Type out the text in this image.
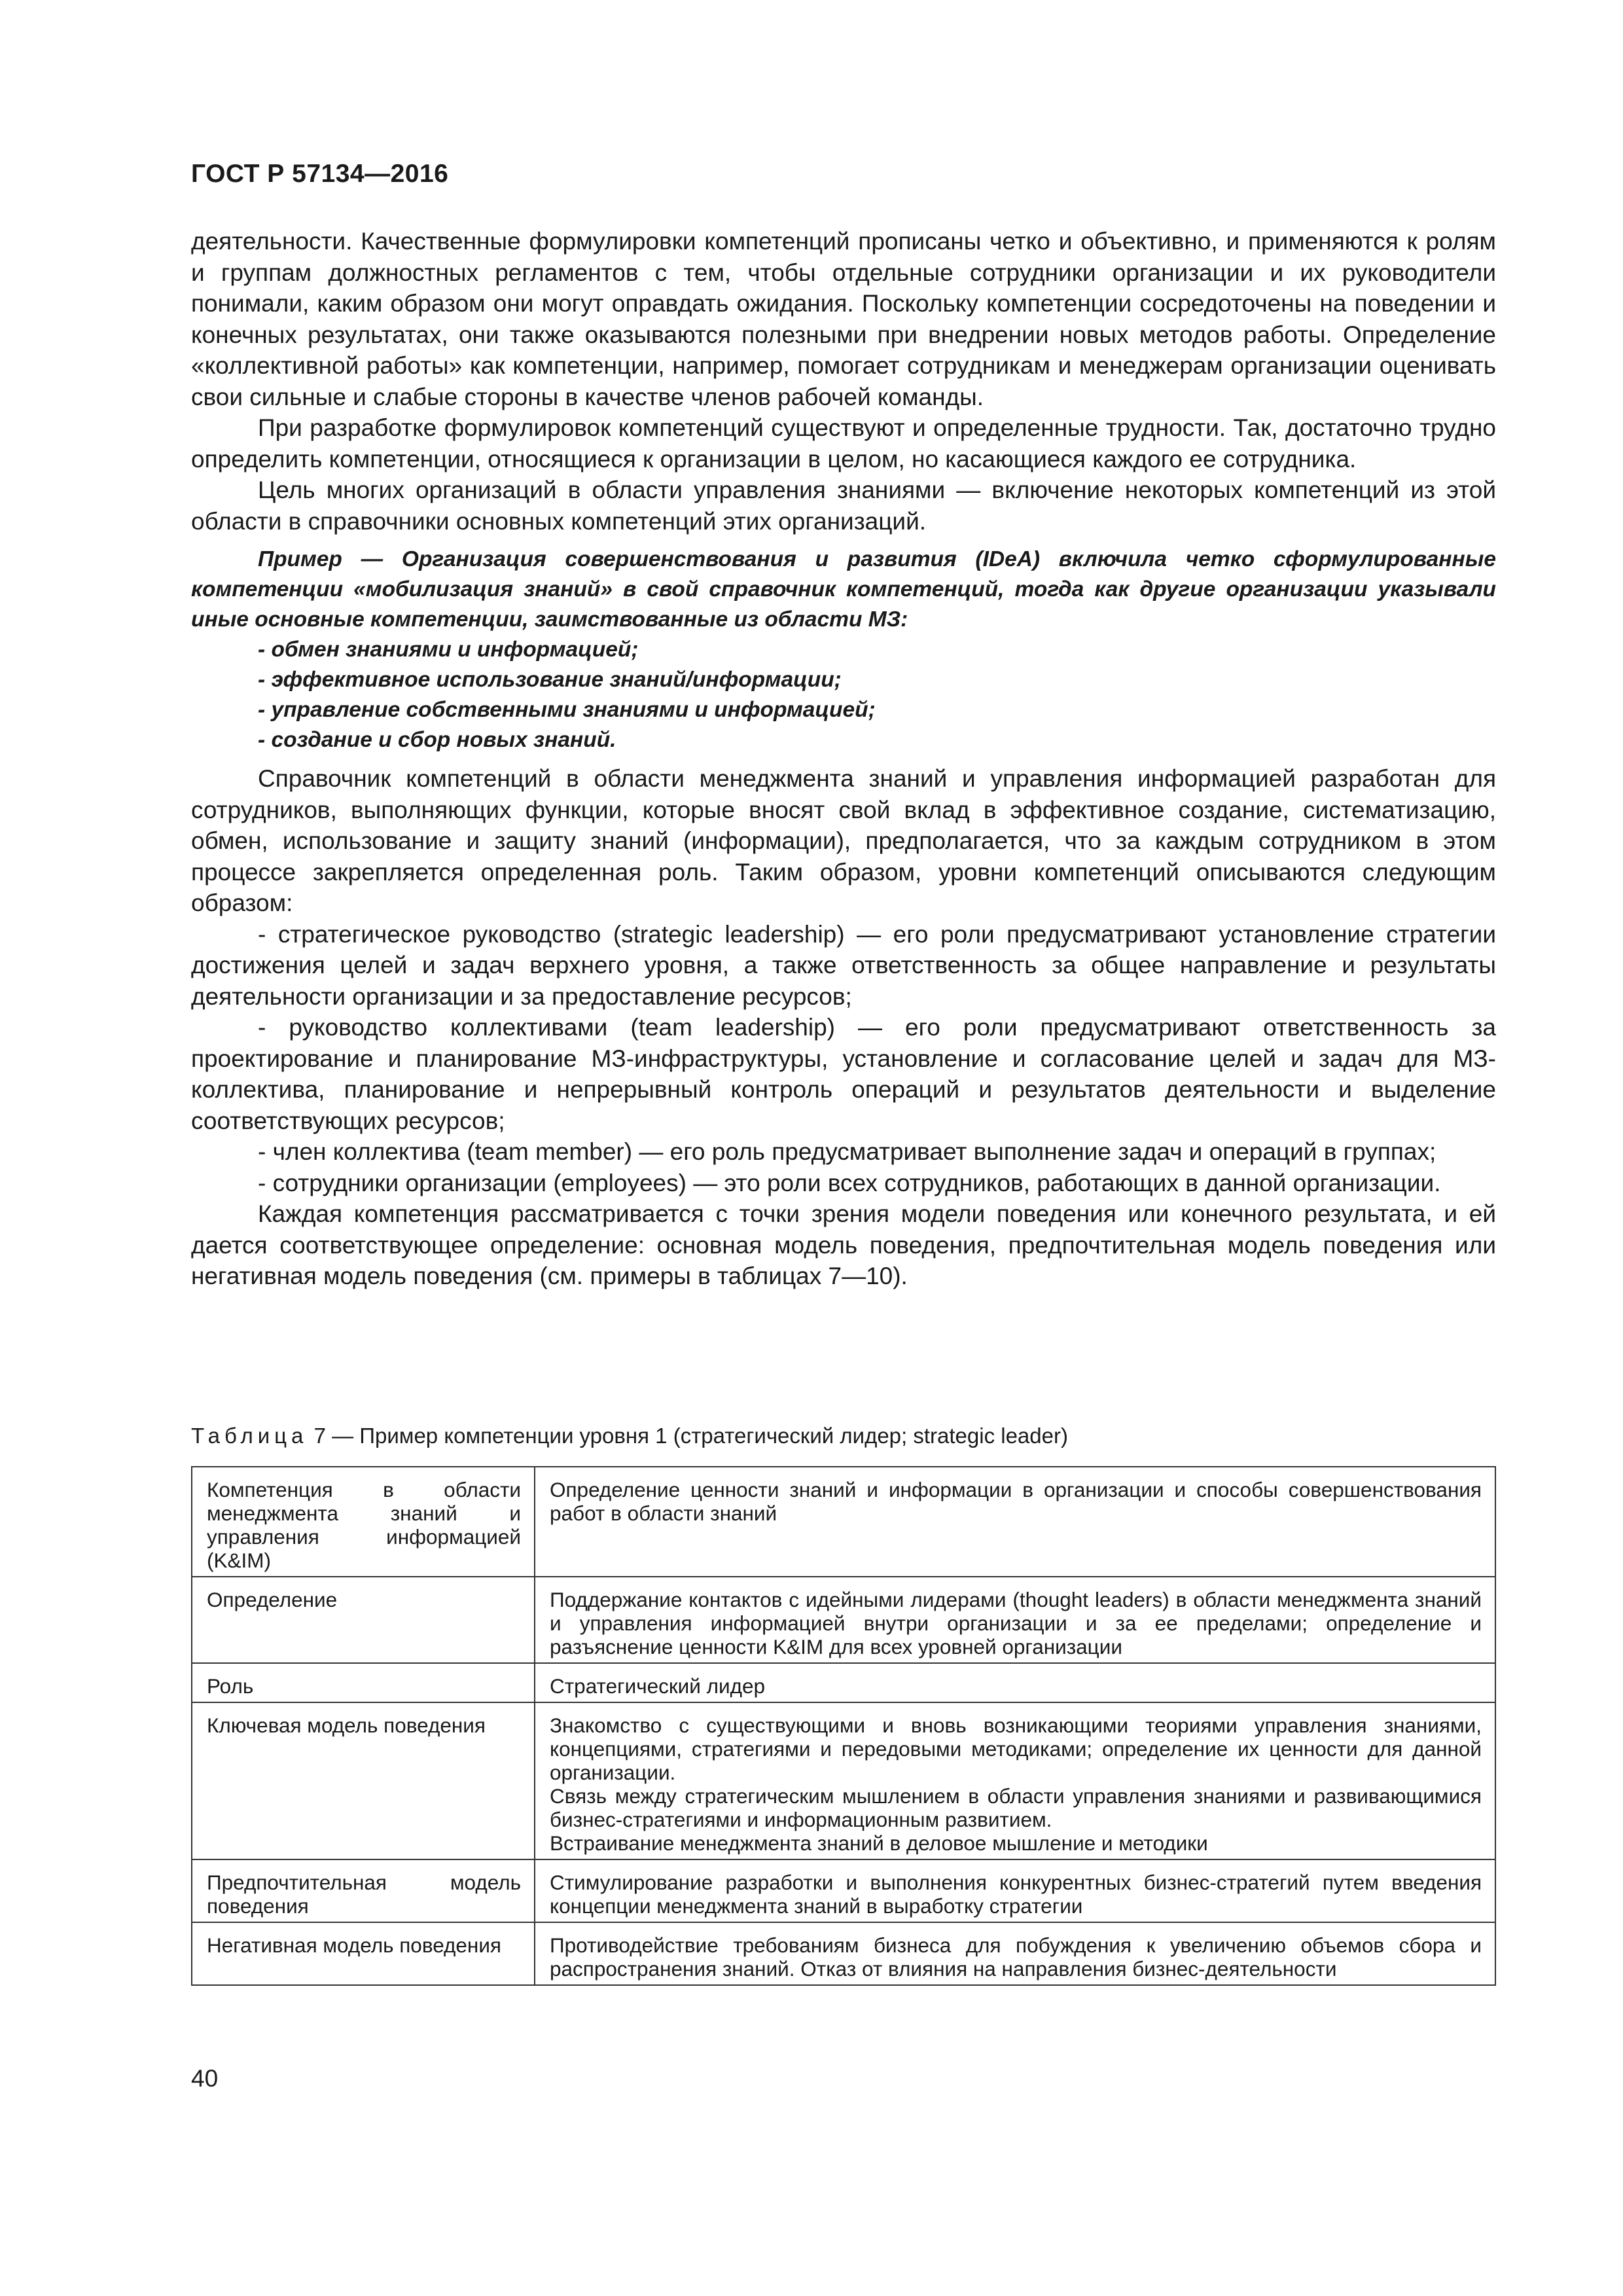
ГОСТ Р 57134—2016

деятельности. Качественные формулировки компетенций прописаны четко и объективно, и применяются к ролям и группам должностных регламентов с тем, чтобы отдельные сотрудники организации и их руководители понимали, каким образом они могут оправдать ожидания. Поскольку компетенции сосредоточены на поведении и конечных результатах, они также оказываются полезными при внедрении новых методов работы. Определение «коллективной работы» как компетенции, например, помогает сотрудникам и менеджерам организации оценивать свои сильные и слабые стороны в качестве членов рабочей команды.

При разработке формулировок компетенций существуют и определенные трудности. Так, достаточно трудно определить компетенции, относящиеся к организации в целом, но касающиеся каждого ее сотрудника.

Цель многих организаций в области управления знаниями — включение некоторых компетенций из этой области в справочники основных компетенций этих организаций.

Пример — Организация совершенствования и развития (IDeA) включила четко сформулированные компетенции «мобилизация знаний» в свой справочник компетенций, тогда как другие организации указывали иные основные компетенции, заимствованные из области МЗ:

- обмен знаниями и информацией;
- эффективное использование знаний/информации;
- управление собственными знаниями и информацией;
- создание и сбор новых знаний.

Справочник компетенций в области менеджмента знаний и управления информацией разработан для сотрудников, выполняющих функции, которые вносят свой вклад в эффективное создание, систематизацию, обмен, использование и защиту знаний (информации), предполагается, что за каждым сотрудником в этом процессе закрепляется определенная роль. Таким образом, уровни компетенций описываются следующим образом:

- стратегическое руководство (strategic leadership) — его роли предусматривают установление стратегии достижения целей и задач верхнего уровня, а также ответственность за общее направление и результаты деятельности организации и за предоставление ресурсов;

- руководство коллективами (team leadership) — его роли предусматривают ответственность за проектирование и планирование МЗ-инфраструктуры, установление и согласование целей и задач для МЗ-коллектива, планирование и непрерывный контроль операций и результатов деятельности и выделение соответствующих ресурсов;

- член коллектива (team member) — его роль предусматривает выполнение задач и операций в группах;

- сотрудники организации (employees) — это роли всех сотрудников, работающих в данной организации.

Каждая компетенция рассматривается с точки зрения модели поведения или конечного результата, и ей дается соответствующее определение: основная модель поведения, предпочтительная модель поведения или негативная модель поведения (см. примеры в таблицах 7—10).

Таблица 7 — Пример компетенции уровня 1 (стратегический лидер; strategic leader)
Компетенция в области менеджмента знаний и управления информацией (K&IM)	Определение ценности знаний и информации в организации и способы совершенствования работ в области знаний
Определение	Поддержание контактов с идейными лидерами (thought leaders) в области менеджмента знаний и управления информацией внутри организации и за ее пределами; определение и разъяснение ценности K&IM для всех уровней организации
Роль	Стратегический лидер
Ключевая модель поведения	Знакомство с существующими и вновь возникающими теориями управления знаниями, концепциями, стратегиями и передовыми методиками; определение их ценности для данной организации.
Связь между стратегическим мышлением в области управления знаниями и развивающимися бизнес-стратегиями и информационным развитием.
Встраивание менеджмента знаний в деловое мышление и методики

Предпочтительная модель поведения	Стимулирование разработки и выполнения конкурентных бизнес-стратегий путем введения концепции менеджмента знаний в выработку стратегии
Негативная модель поведения	Противодействие требованиям бизнеса для побуждения к увеличению объемов сбора и распространения знаний. Отказ от влияния на направления бизнес-деятельности
40
